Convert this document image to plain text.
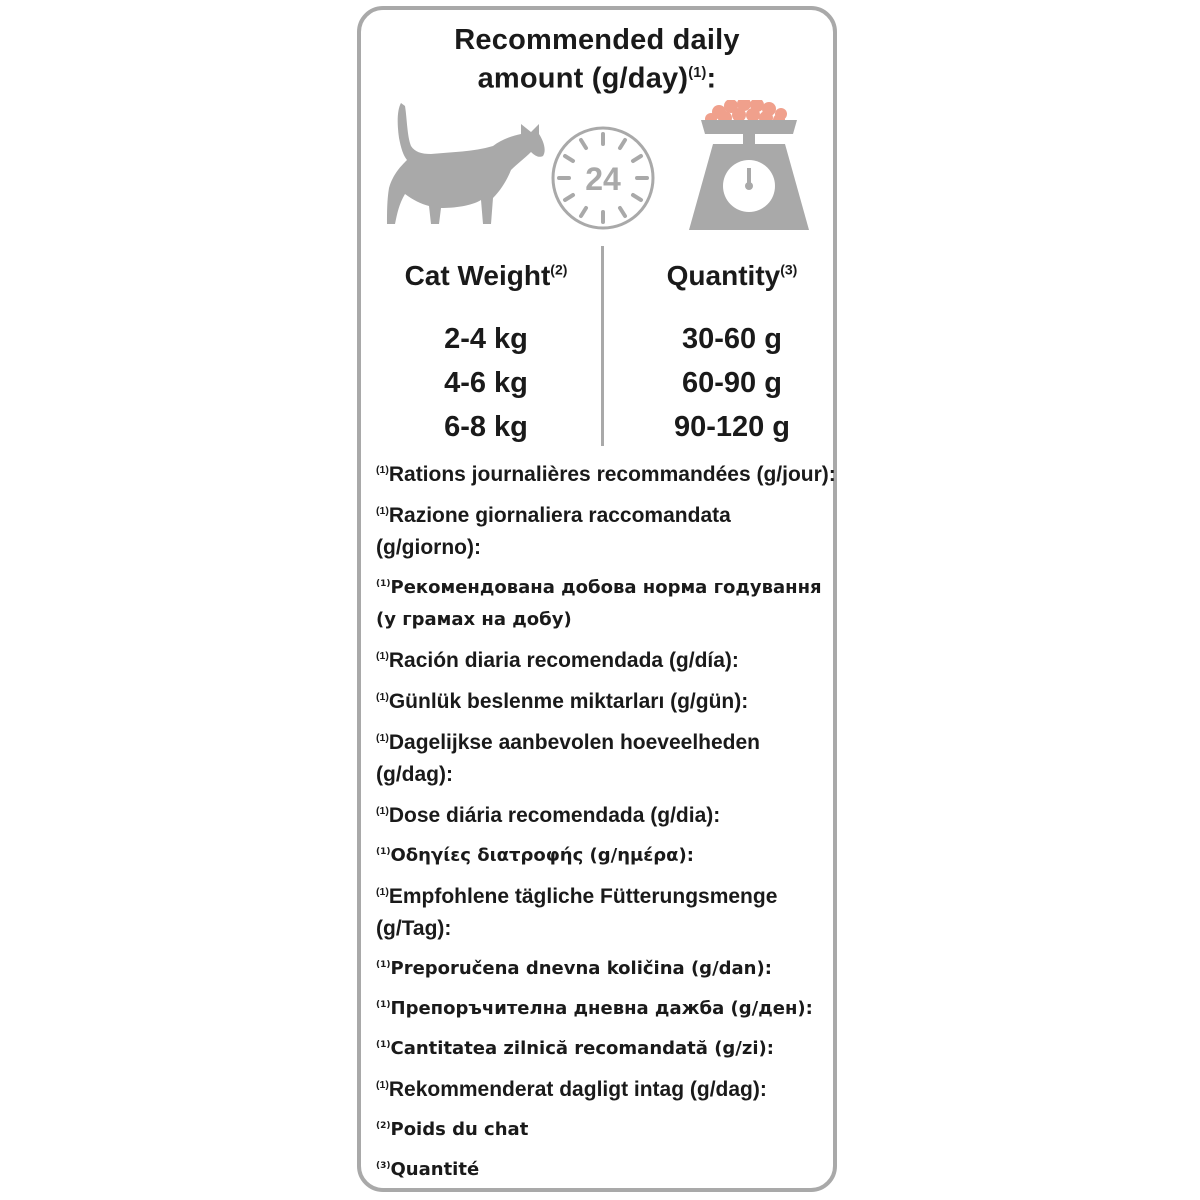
Recommended daily
amount $(g/day)^{(1)}$:
24
Cat Weight$^{(2)}$	Quantity$^{(3)}$
2-4 kg
4-6 kg
6-8 kg
30-60 g
60-90 g
90-120 g
$^{(1)}$Rations journalières recommandées (g/jour):
$^{(1)}$Razione giornaliera raccomandata (g/giorno):
$^{(1)}$Рекомендована добова норма годування (у грамах на добу)
$^{(1)}$Ración diaria recomendada (g/día):
$^{(1)}$Günlük beslenme miktarları (g/gün):
$^{(1)}$Dagelijkse aanbevolen hoeveelheden (g/dag):
$^{(1)}$Dose diária recomendada (g/dia):
$^{(1)}$Οδηγίες διατροφής (g/ημέρα):
$^{(1)}$Empfohlene tägliche Fütterungsmenge (g/Tag):
$^{(1)}$Preporučena dnevna količina (g/dan):
$^{(1)}$Препоръчителна дневна дажба (g/ден):
$^{(1)}$Cantitatea zilnică recomandată (g/zi):
$^{(1)}$Rekommenderat dagligt intag (g/dag):
$^{(2)}$Poids du chat
$^{(3)}$Quantité
